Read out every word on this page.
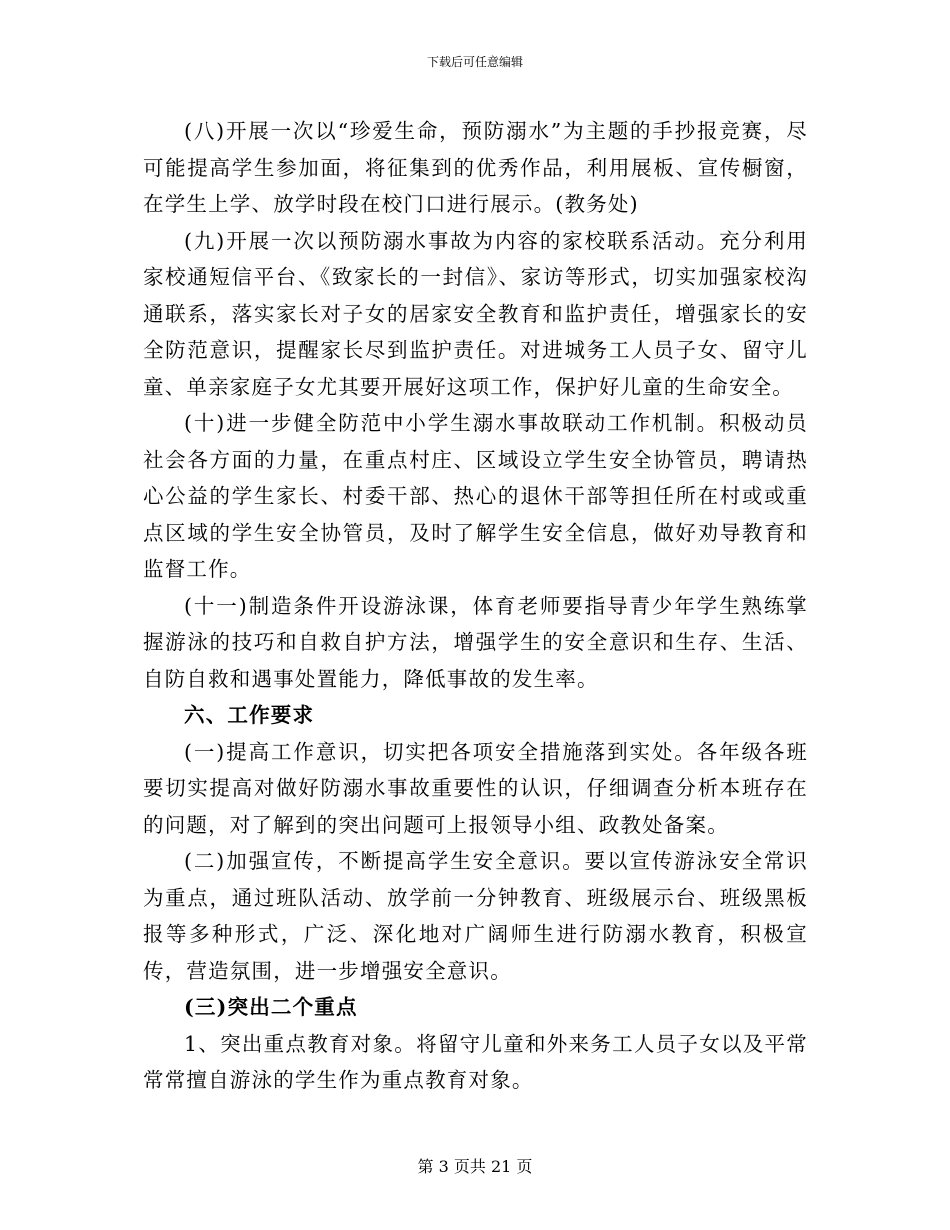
下载后可任意编辑

(八)开展一次以“珍爱生命，预防溺水”为主题的手抄报竞赛，尽可能提高学生参加面，将征集到的优秀作品，利用展板、宣传橱窗，在学生上学、放学时段在校门口进行展示。(教务处)

(九)开展一次以预防溺水事故为内容的家校联系活动。充分利用家校通短信平台、《致家长的一封信》、家访等形式，切实加强家校沟通联系，落实家长对子女的居家安全教育和监护责任，增强家长的安全防范意识，提醒家长尽到监护责任。对进城务工人员子女、留守儿童、单亲家庭子女尤其要开展好这项工作，保护好儿童的生命安全。

(十)进一步健全防范中小学生溺水事故联动工作机制。积极动员社会各方面的力量，在重点村庄、区域设立学生安全协管员，聘请热心公益的学生家长、村委干部、热心的退休干部等担任所在村或或重点区域的学生安全协管员，及时了解学生安全信息，做好劝导教育和监督工作。

(十一)制造条件开设游泳课，体育老师要指导青少年学生熟练掌握游泳的技巧和自救自护方法，增强学生的安全意识和生存、生活、自防自救和遇事处置能力，降低事故的发生率。

六、工作要求

(一)提高工作意识，切实把各项安全措施落到实处。各年级各班要切实提高对做好防溺水事故重要性的认识，仔细调查分析本班存在的问题，对了解到的突出问题可上报领导小组、政教处备案。

(二)加强宣传，不断提高学生安全意识。要以宣传游泳安全常识为重点，通过班队活动、放学前一分钟教育、班级展示台、班级黑板报等多种形式，广泛、深化地对广阔师生进行防溺水教育，积极宣传，营造氛围，进一步增强安全意识。

(三)突出二个重点

1、突出重点教育对象。将留守儿童和外来务工人员子女以及平常常常擅自游泳的学生作为重点教育对象。

第 3 页共 21 页
